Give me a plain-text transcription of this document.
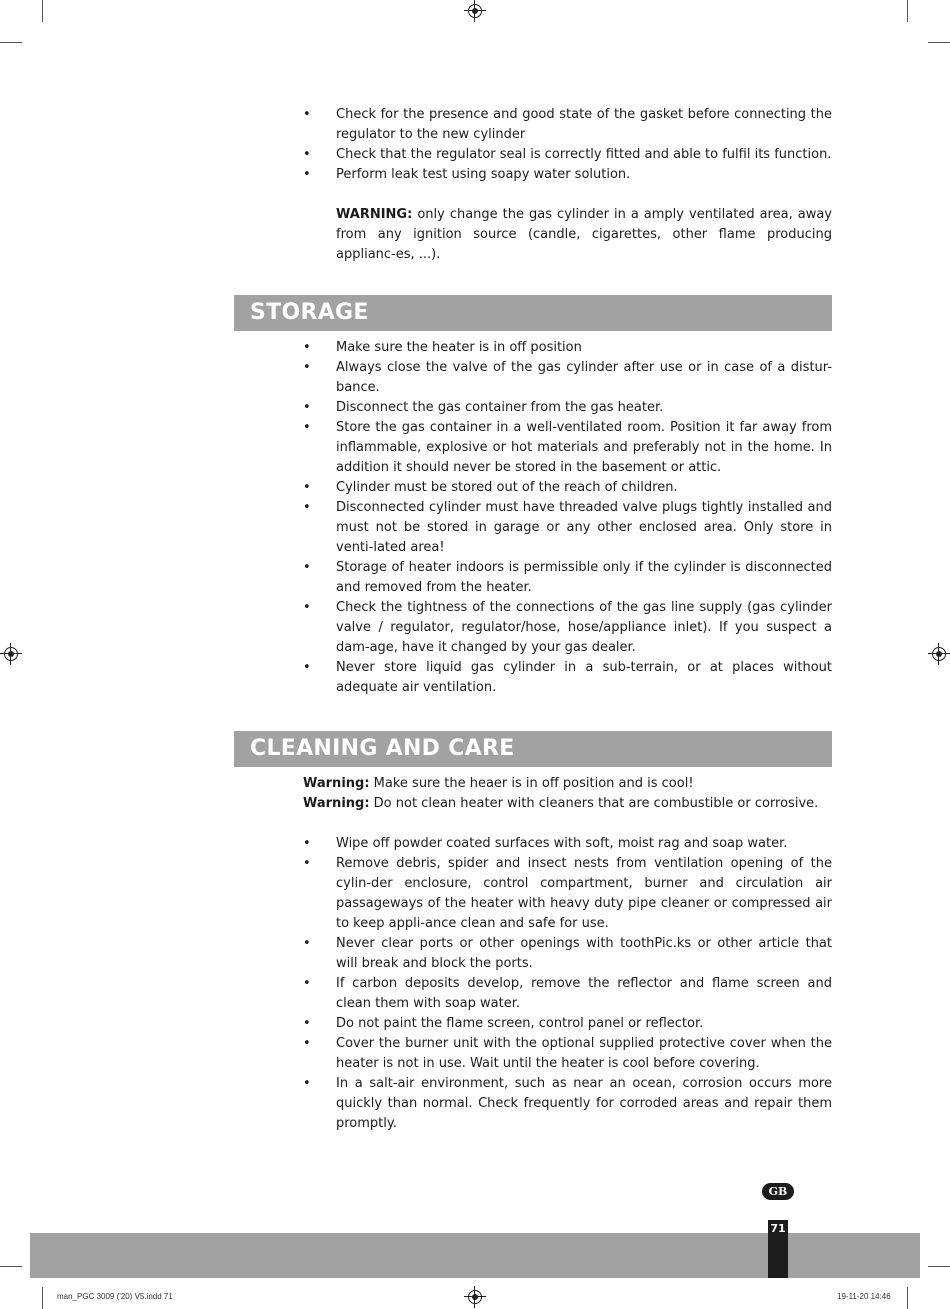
• Check for the presence and good state of the gasket before connecting the regulator to the new cylinder
• Check that the regulator seal is correctly fitted and able to fulfil its function.
• Perform leak test using soapy water solution.
WARNING: only change the gas cylinder in a amply ventilated area, away from any ignition source (candle, cigarettes, other flame producing applianc-es, ...).
STORAGE
• Make sure the heater is in off position
• Always close the valve of the gas cylinder after use or in case of a distur-bance.
• Disconnect the gas container from the gas heater.
• Store the gas container in a well-ventilated room. Position it far away from inflammable, explosive or hot materials and preferably not in the home. In addition it should never be stored in the basement or attic.
• Cylinder must be stored out of the reach of children.
• Disconnected cylinder must have threaded valve plugs tightly installed and must not be stored in garage or any other enclosed area. Only store in venti-lated area!
• Storage of heater indoors is permissible only if the cylinder is disconnected and removed from the heater.
• Check the tightness of the connections of the gas line supply (gas cylinder valve / regulator, regulator/hose, hose/appliance inlet). If you suspect a dam-age, have it changed by your gas dealer.
• Never store liquid gas cylinder in a sub-terrain, or at places without adequate air ventilation.
CLEANING AND CARE
Warning: Make sure the heaer is in off position and is cool!
Warning: Do not clean heater with cleaners that are combustible or corrosive.
• Wipe off powder coated surfaces with soft, moist rag and soap water.
• Remove debris, spider and insect nests from ventilation opening of the cylin-der enclosure, control compartment, burner and circulation air passageways of the heater with heavy duty pipe cleaner or compressed air to keep appli-ance clean and safe for use.
• Never clear ports or other openings with toothPic.ks or other article that will break and block the ports.
• If carbon deposits develop, remove the reflector and flame screen and clean them with soap water.
• Do not paint the flame screen, control panel or reflector.
• Cover the burner unit with the optional supplied protective cover when the heater is not in use. Wait until the heater is cool before covering.
• In a salt-air environment, such as near an ocean, corrosion occurs more quickly than normal. Check frequently for corroded areas and repair them promptly.
GB
71
man_PGC 3009 ('20) V5.indd 71	19-11-20 14:46
